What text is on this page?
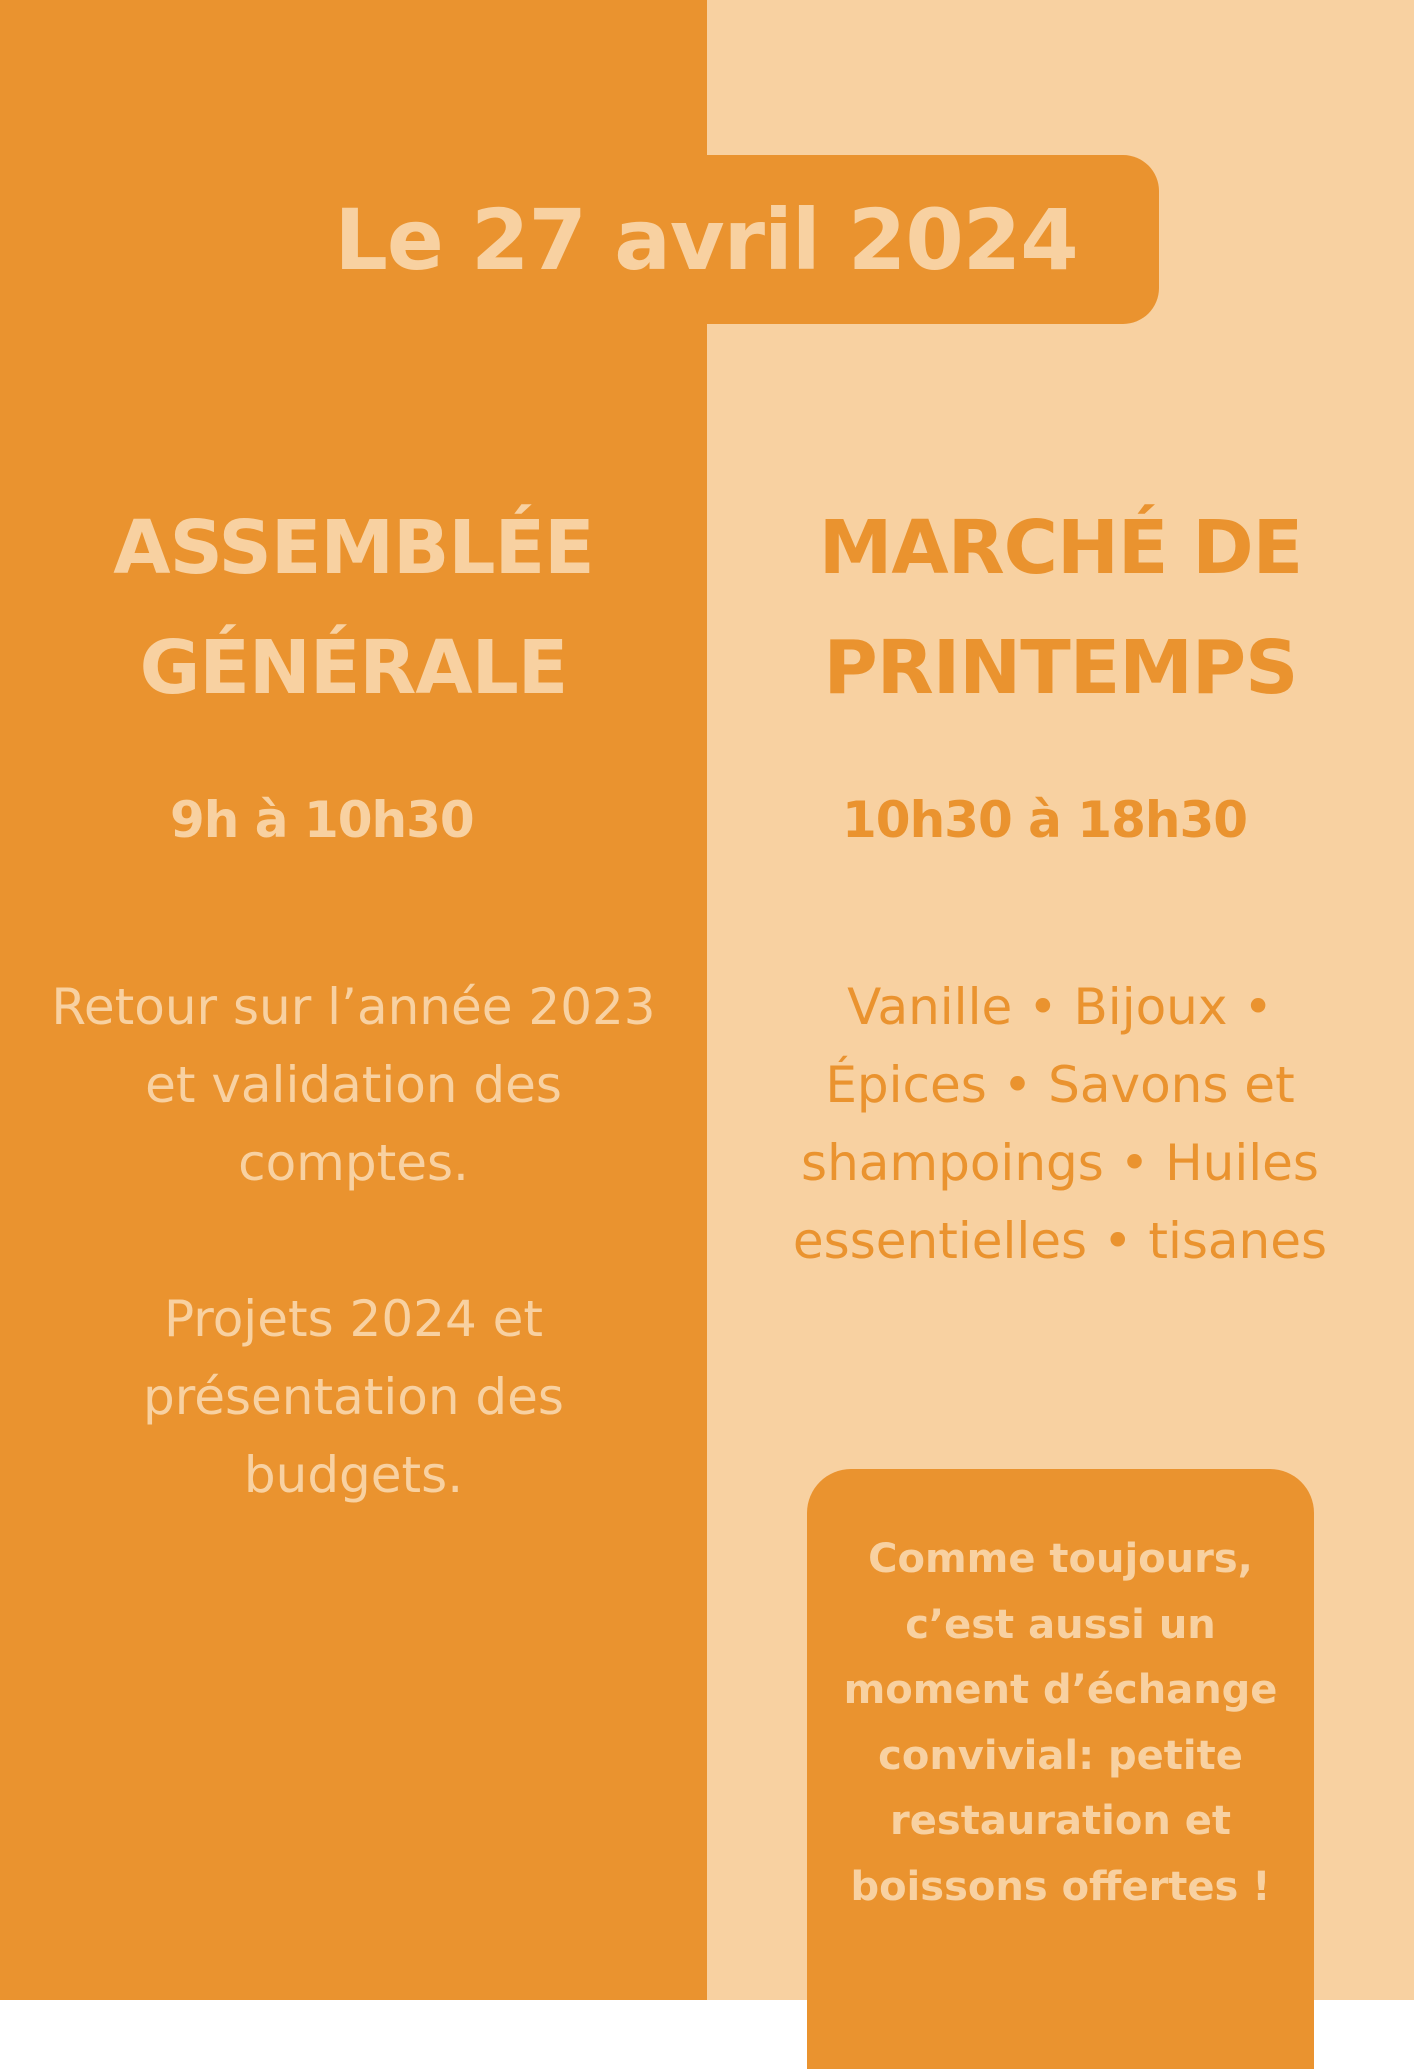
Le 27 avril 2024
ASSEMBLÉE
GÉNÉRALE
MARCHÉ DE
PRINTEMPS
9h à 10h30	10h30 à 18h30

Retour sur l’année 2023 et validation des comptes.

Projets 2024 et présentation des budgets.

Vanille • Bijoux • Épices • Savons et shampoings • Huiles essentielles • tisanes

Comme toujours,
c’est aussi un
moment d’échange
convivial: petite
restauration et
boissons offertes !
